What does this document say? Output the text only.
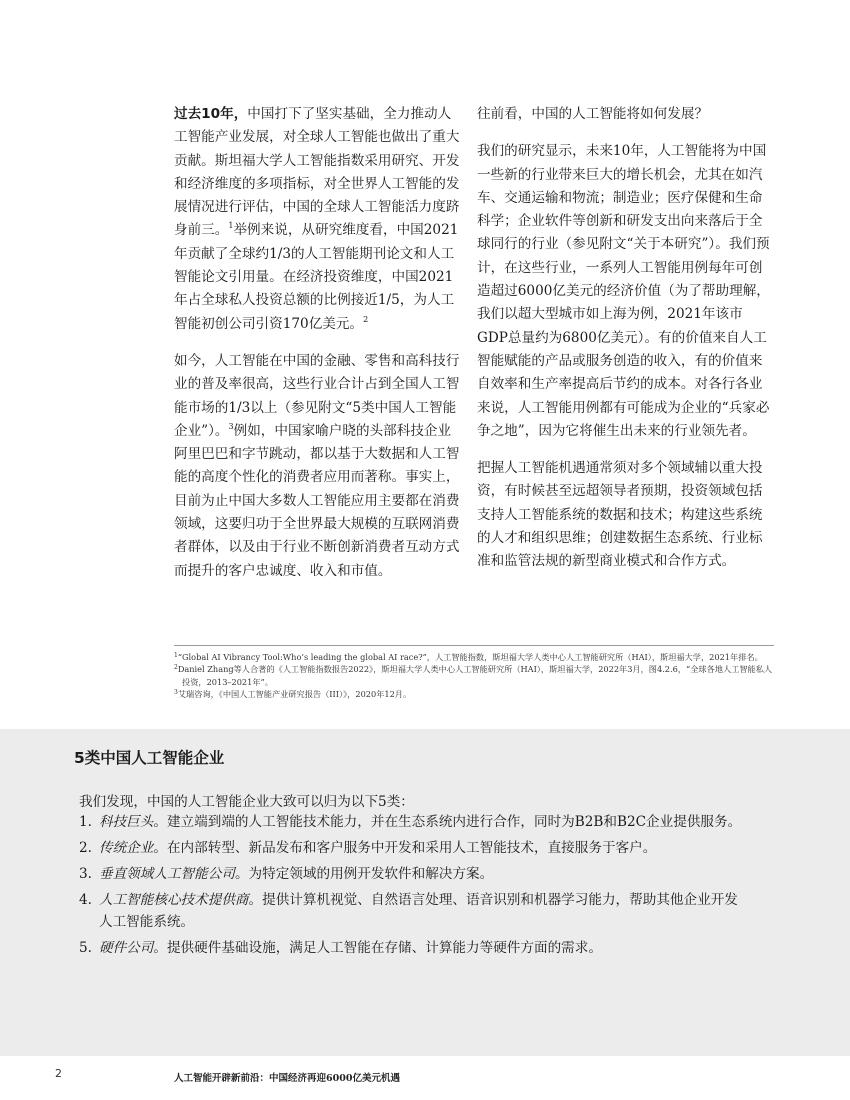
过去10年，中国打下了坚实基础，全力推动人工智能产业发展，对全球人工智能也做出了重大贡献。斯坦福大学人工智能指数采用研究、开发和经济维度的多项指标，对全世界人工智能的发展情况进行评估，中国的全球人工智能活力度跻身前三。$^1$举例来说，从研究维度看，中国2021年贡献了全球约1/3的人工智能期刊论文和人工智能论文引用量。在经济投资维度，中国2021年占全球私人投资总额的比例接近1/5，为人工智能初创公司引资170亿美元。$^2$

如今，人工智能在中国的金融、零售和高科技行业的普及率很高，这些行业合计占到全国人工智能市场的1/3以上（参见附文“5类中国人工智能企业”）。$^3$例如，中国家喻户晓的头部科技企业阿里巴巴和字节跳动，都以基于大数据和人工智能的高度个性化的消费者应用而著称。事实上，目前为止中国大多数人工智能应用主要都在消费领域，这要归功于全世界最大规模的互联网消费者群体，以及由于行业不断创新消费者互动方式而提升的客户忠诚度、收入和市值。

往前看，中国的人工智能将如何发展？

我们的研究显示，未来10年，人工智能将为中国一些新的行业带来巨大的增长机会，尤其在如汽车、交通运输和物流；制造业；医疗保健和生命科学；企业软件等创新和研发支出向来落后于全球同行的行业（参见附文“关于本研究”）。我们预计，在这些行业，一系列人工智能用例每年可创造超过6000亿美元的经济价值（为了帮助理解，我们以超大型城市如上海为例，2021年该市GDP总量约为6800亿美元）。有的价值来自人工智能赋能的产品或服务创造的收入，有的价值来自效率和生产率提高后节约的成本。对各行各业来说，人工智能用例都有可能成为企业的“兵家必争之地”，因为它将催生出未来的行业领先者。

把握人工智能机遇通常须对多个领域辅以重大投资，有时候甚至远超领导者预期，投资领域包括支持人工智能系统的数据和技术；构建这些系统的人才和组织思维；创建数据生态系统、行业标准和监管法规的新型商业模式和合作方式。

$^1$“Global AI Vibrancy Tool:Who’s leading the global AI race?”，人工智能指数，斯坦福大学人类中心人工智能研究所（HAI），斯坦福大学，2021年排名。

$^2$Daniel Zhang等人合著的《人工智能指数报告2022》，斯坦福大学人类中心人工智能研究所（HAI），斯坦福大学，2022年3月，图4.2.6，“全球各地人工智能私人投资，2013–2021年”。

$^3$艾瑞咨询，《中国人工智能产业研究报告（III）》，2020年12月。

5类中国人工智能企业

我们发现，中国的人工智能企业大致可以归为以下5类：

1. 科技巨头。建立端到端的人工智能技术能力，并在生态系统内进行合作，同时为B2B和B2C企业提供服务。
2. 传统企业。在内部转型、新品发布和客户服务中开发和采用人工智能技术，直接服务于客户。
3. 垂直领域人工智能公司。为特定领域的用例开发软件和解决方案。
4. 人工智能核心技术提供商。提供计算机视觉、自然语言处理、语音识别和机器学习能力，帮助其他企业开发
人工智能系统。
5. 硬件公司。提供硬件基础设施，满足人工智能在存储、计算能力等硬件方面的需求。
2	人工智能开辟新前沿：中国经济再迎6000亿美元机遇
